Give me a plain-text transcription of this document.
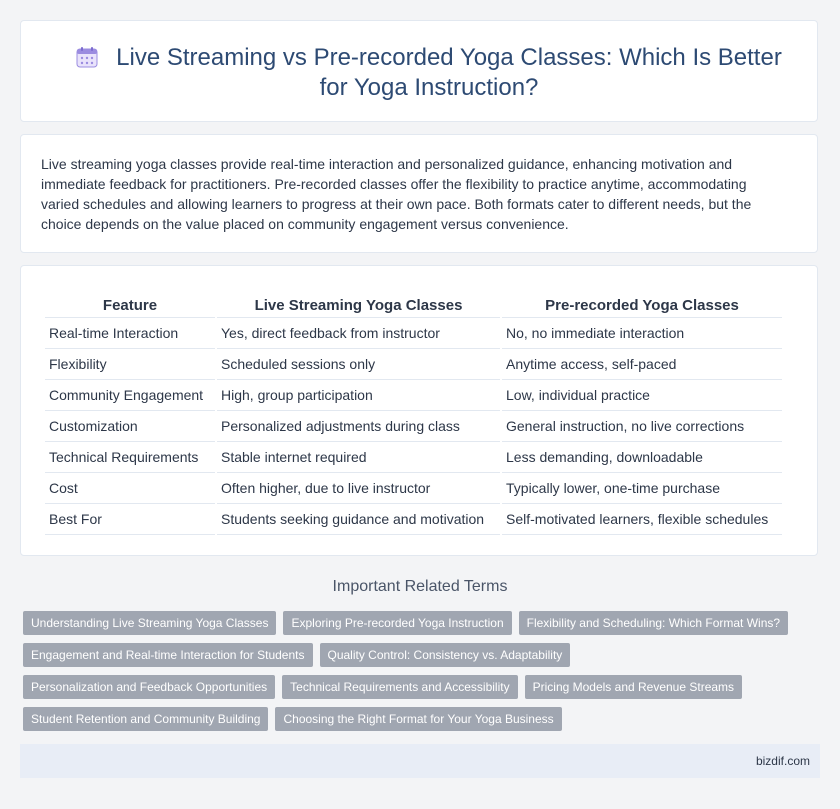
Live Streaming vs Pre-recorded Yoga Classes: Which Is Better for Yoga Instruction?

Live streaming yoga classes provide real-time interaction and personalized guidance, enhancing motivation and immediate feedback for practitioners. Pre-recorded classes offer the flexibility to practice anytime, accommodating varied schedules and allowing learners to progress at their own pace. Both formats cater to different needs, but the choice depends on the value placed on community engagement versus convenience.

Feature	Live Streaming Yoga Classes	Pre-recorded Yoga Classes
Real-time Interaction	Yes, direct feedback from instructor	No, no immediate interaction
Flexibility	Scheduled sessions only	Anytime access, self-paced
Community Engagement	High, group participation	Low, individual practice
Customization	Personalized adjustments during class	General instruction, no live corrections
Technical Requirements	Stable internet required	Less demanding, downloadable
Cost	Often higher, due to live instructor	Typically lower, one-time purchase
Best For	Students seeking guidance and motivation	Self-motivated learners, flexible schedules
Important Related Terms
Understanding Live Streaming Yoga Classes	Exploring Pre-recorded Yoga Instruction	Flexibility and Scheduling: Which Format Wins?
Engagement and Real-time Interaction for Students	Quality Control: Consistency vs. Adaptability
Personalization and Feedback Opportunities	Technical Requirements and Accessibility	Pricing Models and Revenue Streams
Student Retention and Community Building	Choosing the Right Format for Your Yoga Business
bizdif.com
